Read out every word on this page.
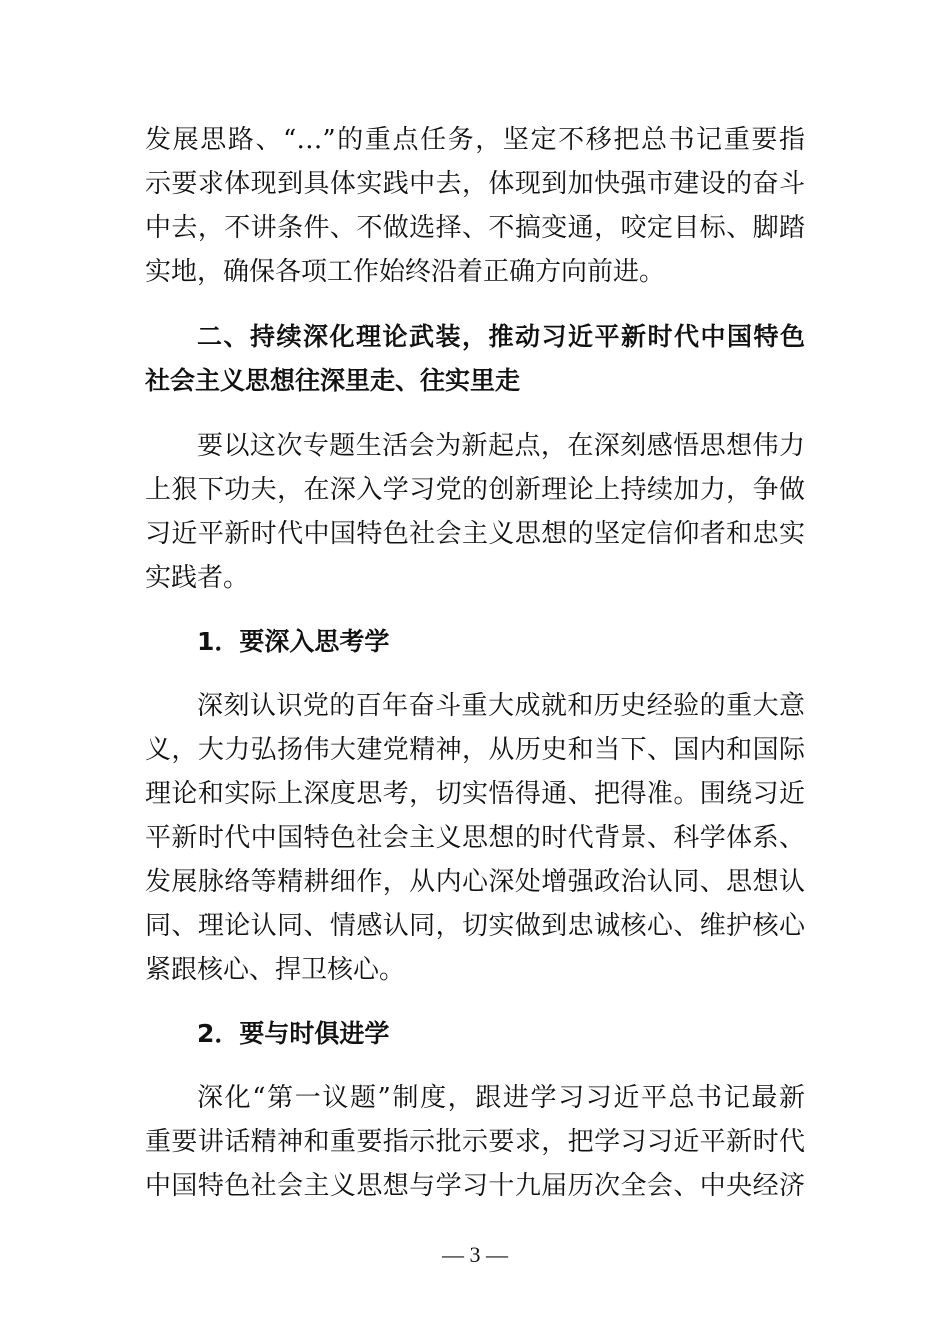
发展思路、“…”的重点任务，坚定不移把总书记重要指
示要求体现到具体实践中去，体现到加快强市建设的奋斗
中去，不讲条件、不做选择、不搞变通，咬定目标、脚踏
实地，确保各项工作始终沿着正确方向前进。
二、持续深化理论武装，推动习近平新时代中国特色
社会主义思想往深里走、往实里走
要以这次专题生活会为新起点，在深刻感悟思想伟力
上狠下功夫，在深入学习党的创新理论上持续加力，争做
习近平新时代中国特色社会主义思想的坚定信仰者和忠实
实践者。
1．要深入思考学
深刻认识党的百年奋斗重大成就和历史经验的重大意
义，大力弘扬伟大建党精神，从历史和当下、国内和国际
理论和实际上深度思考，切实悟得通、把得准。围绕习近
平新时代中国特色社会主义思想的时代背景、科学体系、
发展脉络等精耕细作，从内心深处增强政治认同、思想认
同、理论认同、情感认同，切实做到忠诚核心、维护核心
紧跟核心、捍卫核心。
2．要与时俱进学
深化“第一议题”制度，跟进学习习近平总书记最新
重要讲话精神和重要指示批示要求，把学习习近平新时代
中国特色社会主义思想与学习十九届历次全会、中央经济
— 3 —
